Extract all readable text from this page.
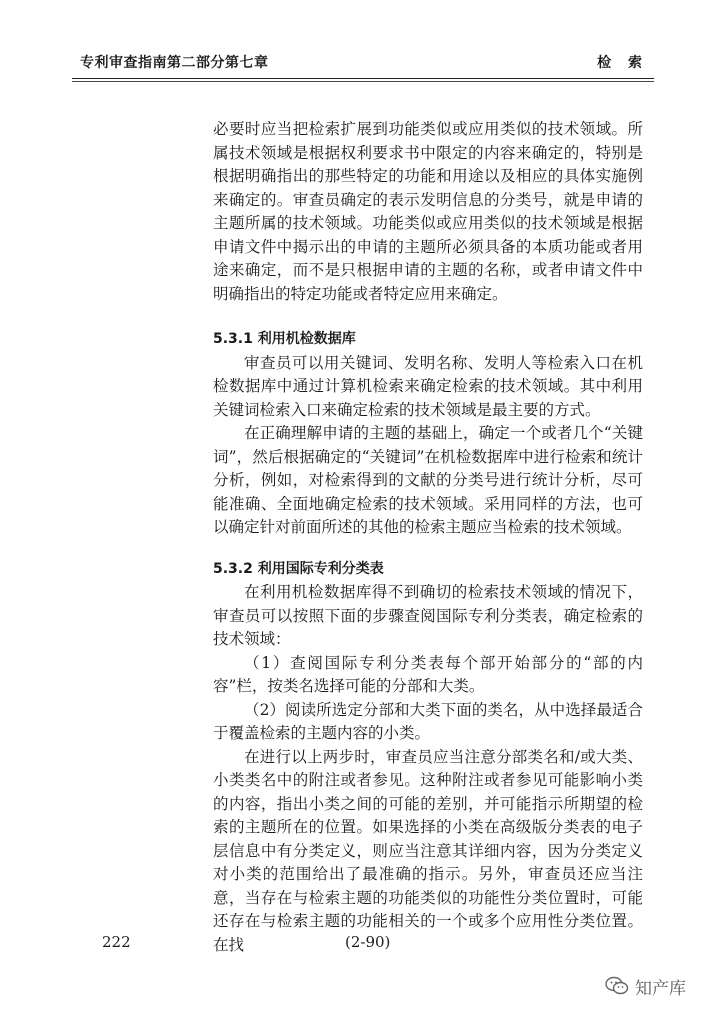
专利审查指南第二部分第七章	检 索

必要时应当把检索扩展到功能类似或应用类似的技术领域。所属技术领域是根据权利要求书中限定的内容来确定的，特别是根据明确指出的那些特定的功能和用途以及相应的具体实施例来确定的。审查员确定的表示发明信息的分类号，就是申请的主题所属的技术领域。功能类似或应用类似的技术领域是根据申请文件中揭示出的申请的主题所必须具备的本质功能或者用途来确定，而不是只根据申请的主题的名称，或者申请文件中明确指出的特定功能或者特定应用来确定。

5.3.1 利用机检数据库

审查员可以用关键词、发明名称、发明人等检索入口在机检数据库中通过计算机检索来确定检索的技术领域。其中利用关键词检索入口来确定检索的技术领域是最主要的方式。

在正确理解申请的主题的基础上，确定一个或者几个“关键词”，然后根据确定的“关键词”在机检数据库中进行检索和统计分析，例如，对检索得到的文献的分类号进行统计分析，尽可能准确、全面地确定检索的技术领域。采用同样的方法，也可以确定针对前面所述的其他的检索主题应当检索的技术领域。

5.3.2 利用国际专利分类表

在利用机检数据库得不到确切的检索技术领域的情况下，审查员可以按照下面的步骤查阅国际专利分类表，确定检索的技术领域：

（1）查阅国际专利分类表每个部开始部分的“部的内容”栏，按类名选择可能的分部和大类。

（2）阅读所选定分部和大类下面的类名，从中选择最适合于覆盖检索的主题内容的小类。

在进行以上两步时，审查员应当注意分部类名和/或大类、小类类名中的附注或者参见。这种附注或者参见可能影响小类的内容，指出小类之间的可能的差别，并可能指示所期望的检索的主题所在的位置。如果选择的小类在高级版分类表的电子层信息中有分类定义，则应当注意其详细内容，因为分类定义对小类的范围给出了最准确的指示。另外，审查员还应当注意，当存在与检索主题的功能类似的功能性分类位置时，可能还存在与检索主题的功能相关的一个或多个应用性分类位置。在找

222	(2-90)
知产库
